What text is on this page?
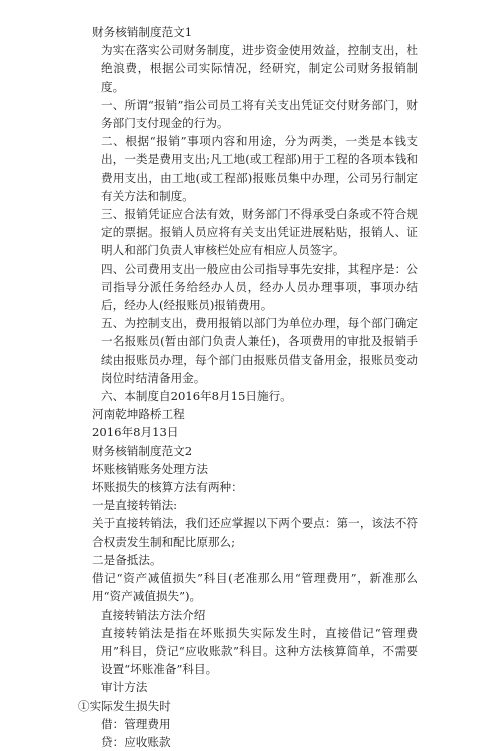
财务核销制度范文1

为实在落实公司财务制度，进步资金使用效益，控制支出，杜绝浪费，根据公司实际情况，经研究，制定公司财务报销制度。

一、所谓“报销”指公司员工将有关支出凭证交付财务部门，财务部门支付现金的行为。

二、根据“报销”事项内容和用途，分为两类，一类是本钱支出，一类是费用支出;凡工地(或工程部)用于工程的各项本钱和费用支出，由工地(或工程部)报账员集中办理，公司另行制定有关方法和制度。

三、报销凭证应合法有效，财务部门不得承受白条或不符合规定的票据。报销人员应将有关支出凭证进展粘贴，报销人、证明人和部门负责人审核栏处应有相应人员签字。

四、公司费用支出一般应由公司指导事先安排，其程序是：公司指导分派任务给经办人员，经办人员办理事项，事项办结后，经办人(经报账员)报销费用。

五、为控制支出，费用报销以部门为单位办理，每个部门确定一名报账员(暂由部门负责人兼任)，各项费用的审批及报销手续由报账员办理，每个部门由报账员借支备用金，报账员变动岗位时结清备用金。

六、本制度自2016年8月15日施行。

河南乾坤路桥工程
2016年8月13日
财务核销制度范文2
坏账核销账务处理方法
坏账损失的核算方法有两种：
一是直接转销法:

关于直接转销法，我们还应掌握以下两个要点：第一，该法不符合权责发生制和配比原那么;

二是备抵法。

借记“资产减值损失”科目(老准那么用“管理费用”，新准那么用“资产减值损失”)。

直接转销法方法介绍

直接转销法是指在坏账损失实际发生时，直接借记“管理费用”科目，贷记“应收账款”科目。这种方法核算简单，不需要设置“坏账准备”科目。

审计方法
①实际发生损失时
借：管理费用
贷：应收账款
